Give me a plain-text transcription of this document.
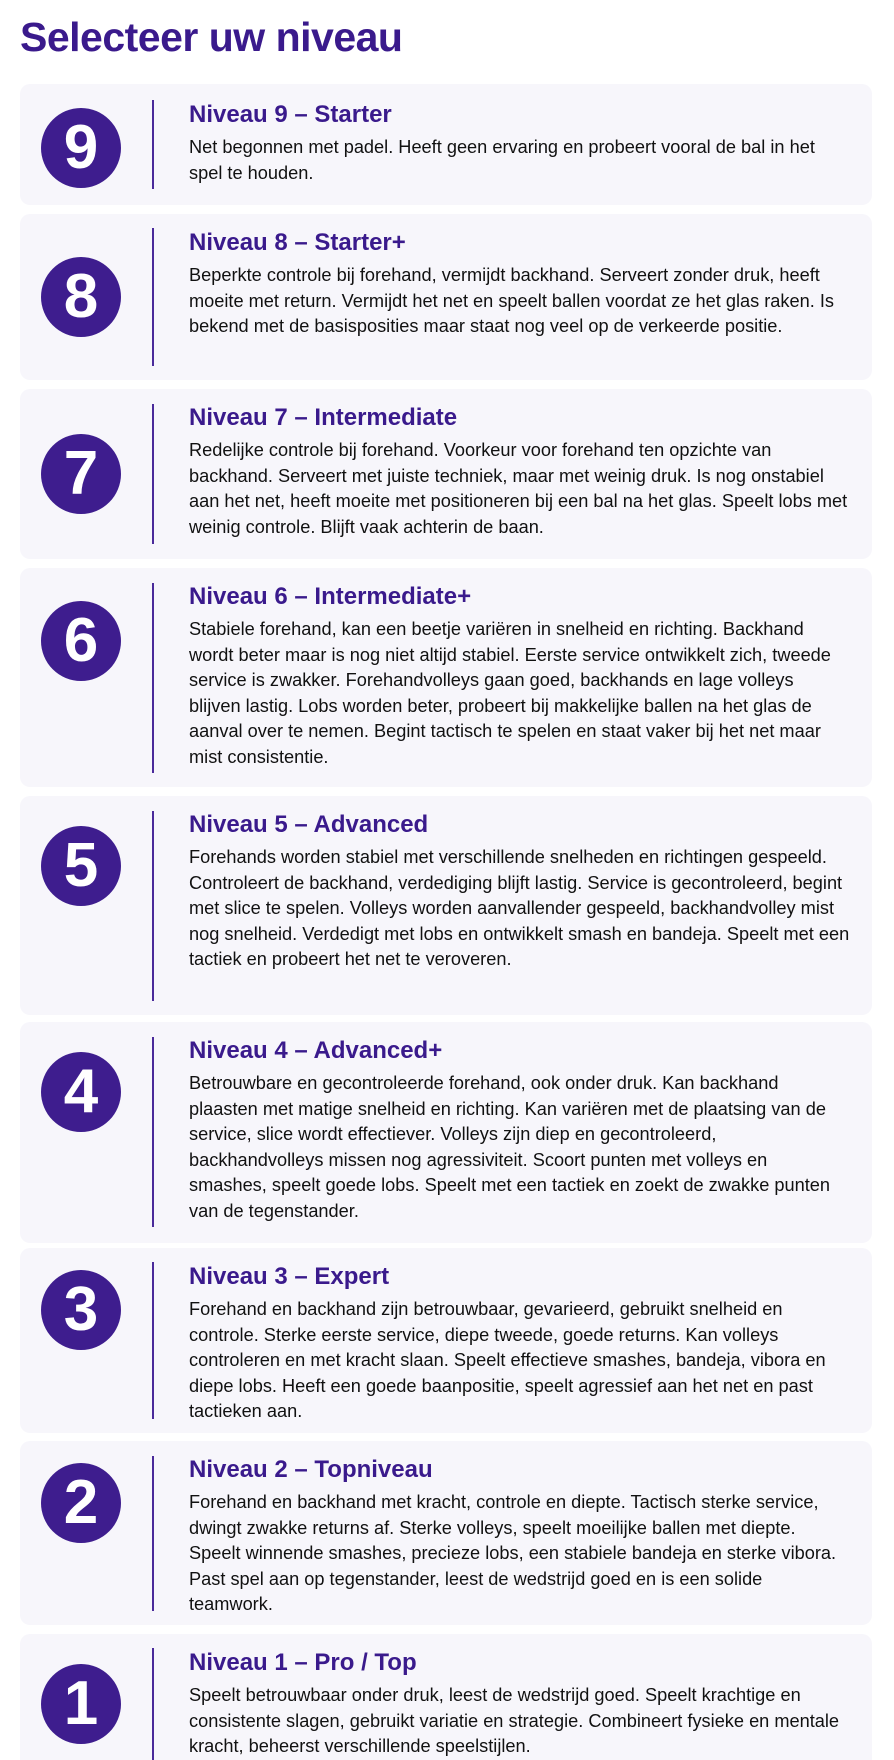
Selecteer uw niveau
9	Niveau 9 – Starter
Net begonnen met padel. Heeft geen ervaring en probeert vooral de bal in het spel te houden.
8
Niveau 8 – Starter+
Beperkte controle bij forehand, vermijdt backhand. Serveert zonder druk, heeft moeite met return. Vermijdt het net en speelt ballen voordat ze het glas raken. Is bekend met de basisposities maar staat nog veel op de verkeerde positie.
7
Niveau 7 – Intermediate
Redelijke controle bij forehand. Voorkeur voor forehand ten opzichte van backhand. Serveert met juiste techniek, maar met weinig druk. Is nog onstabiel aan het net, heeft moeite met positioneren bij een bal na het glas. Speelt lobs met weinig controle. Blijft vaak achterin de baan.
6
Niveau 6 – Intermediate+
Stabiele forehand, kan een beetje variëren in snelheid en richting. Backhand wordt beter maar is nog niet altijd stabiel. Eerste service ontwikkelt zich, tweede service is zwakker. Forehandvolleys gaan goed, backhands en lage volleys blijven lastig. Lobs worden beter, probeert bij makkelijke ballen na het glas de aanval over te nemen. Begint tactisch te spelen en staat vaker bij het net maar mist consistentie.
5
Niveau 5 – Advanced
Forehands worden stabiel met verschillende snelheden en richtingen gespeeld. Controleert de backhand, verdediging blijft lastig. Service is gecontroleerd, begint met slice te spelen. Volleys worden aanvallender gespeeld, backhandvolley mist nog snelheid. Verdedigt met lobs en ontwikkelt smash en bandeja. Speelt met een tactiek en probeert het net te veroveren.
4
Niveau 4 – Advanced+
Betrouwbare en gecontroleerde forehand, ook onder druk. Kan backhand plaasten met matige snelheid en richting. Kan variëren met de plaatsing van de service, slice wordt effectiever. Volleys zijn diep en gecontroleerd, backhandvolleys missen nog agressiviteit. Scoort punten met volleys en smashes, speelt goede lobs. Speelt met een tactiek en zoekt de zwakke punten van de tegenstander.
3	Niveau 3 – Expert
Forehand en backhand zijn betrouwbaar, gevarieerd, gebruikt snelheid en controle. Sterke eerste service, diepe tweede, goede returns. Kan volleys controleren en met kracht slaan. Speelt effectieve smashes, bandeja, vibora en diepe lobs. Heeft een goede baanpositie, speelt agressief aan het net en past tactieken aan.
2	Niveau 2 – Topniveau
Forehand en backhand met kracht, controle en diepte. Tactisch sterke service, dwingt zwakke returns af. Sterke volleys, speelt moeilijke ballen met diepte. Speelt winnende smashes, precieze lobs, een stabiele bandeja en sterke vibora. Past spel aan op tegenstander, leest de wedstrijd goed en is een solide teamwork.
1
Niveau 1 – Pro / Top
Speelt betrouwbaar onder druk, leest de wedstrijd goed. Speelt krachtige en consistente slagen, gebruikt variatie en strategie. Combineert fysieke en mentale kracht, beheerst verschillende speelstijlen.
